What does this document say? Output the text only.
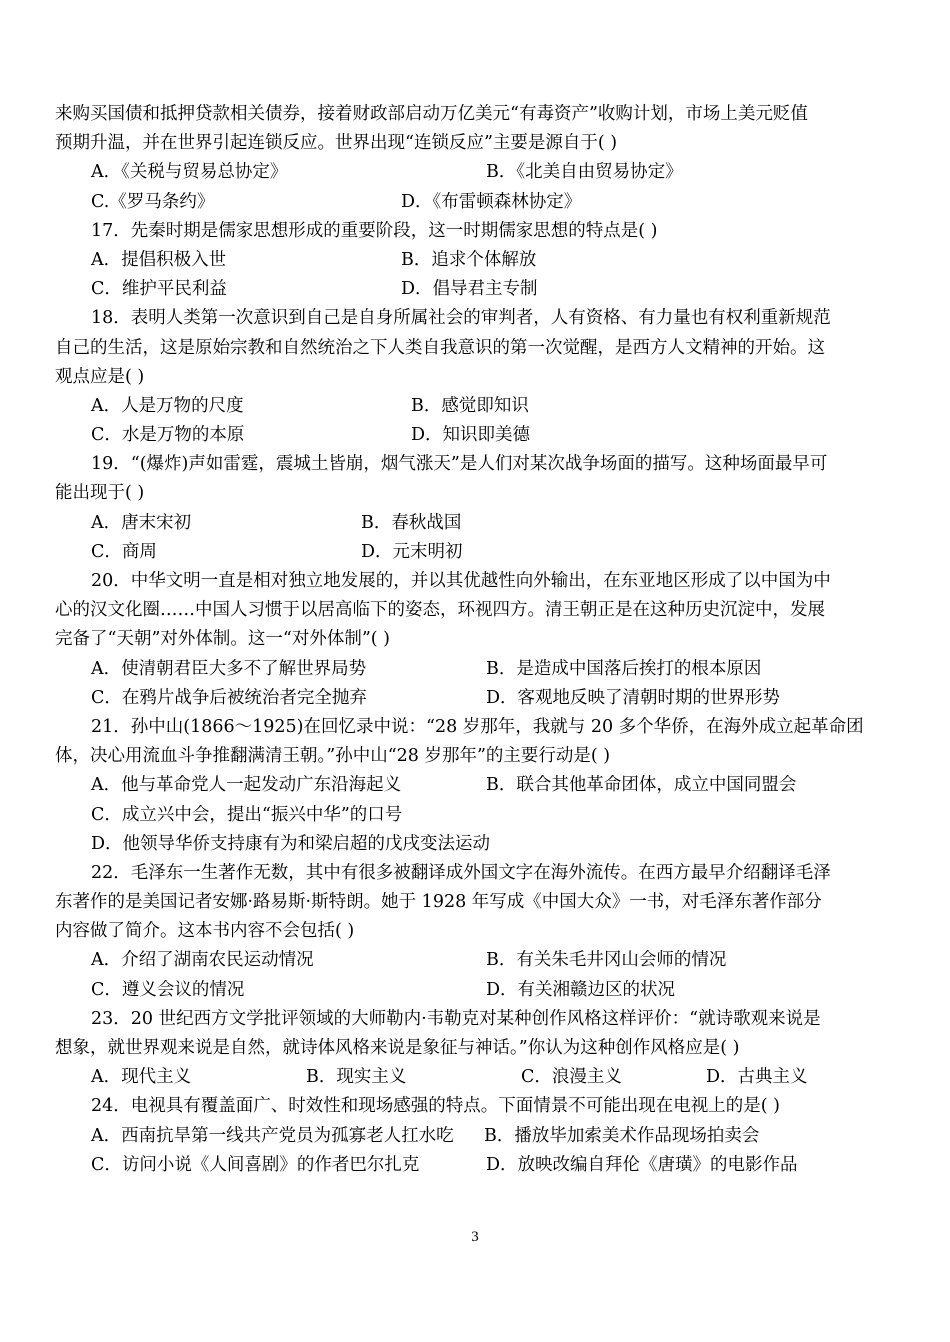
来购买国债和抵押贷款相关债券，接着财政部启动万亿美元“有毒资产”收购计划，市场上美元贬值
预期升温，并在世界引起连锁反应。世界出现“连锁反应”主要是源自于( )
A．《关税与贸易总协定》	B．《北美自由贸易协定》
C.《罗马条约》	D．《布雷顿森林协定》
17．先秦时期是儒家思想形成的重要阶段，这一时期儒家思想的特点是( )
A．提倡积极入世	B．追求个体解放
C．维护平民利益	D．倡导君主专制
18．表明人类第一次意识到自己是自身所属社会的审判者，人有资格、有力量也有权利重新规范
自己的生活，这是原始宗教和自然统治之下人类自我意识的第一次觉醒，是西方人文精神的开始。这
观点应是( )
A．人是万物的尺度	B．感觉即知识
C．水是万物的本原	D．知识即美德
19．“(爆炸)声如雷霆，震城土皆崩，烟气涨天”是人们对某次战争场面的描写。这种场面最早可
能出现于( )
A．唐末宋初	B．春秋战国
C．商周	D．元末明初
20．中华文明一直是相对独立地发展的，并以其优越性向外输出，在东亚地区形成了以中国为中
心的汉文化圈……中国人习惯于以居高临下的姿态，环视四方。清王朝正是在这种历史沉淀中，发展
完备了“天朝”对外体制。这一“对外体制”( )
A．使清朝君臣大多不了解世界局势	B．是造成中国落后挨打的根本原因
C．在鸦片战争后被统治者完全抛弃	D．客观地反映了清朝时期的世界形势
21．孙中山(1866～1925)在回忆录中说：“28 岁那年，我就与 20 多个华侨，在海外成立起革命团
体，决心用流血斗争推翻满清王朝。”孙中山“28 岁那年”的主要行动是( )
A．他与革命党人一起发动广东沿海起义	B．联合其他革命团体，成立中国同盟会
C．成立兴中会，提出“振兴中华”的口号
D．他领导华侨支持康有为和梁启超的戊戌变法运动
22．毛泽东一生著作无数，其中有很多被翻译成外国文字在海外流传。在西方最早介绍翻译毛泽
东著作的是美国记者安娜·路易斯·斯特朗。她于 1928 年写成《中国大众》一书，对毛泽东著作部分
内容做了简介。这本书内容不会包括( )
A．介绍了湖南农民运动情况	B．有关朱毛井冈山会师的情况
C．遵义会议的情况	D．有关湘赣边区的状况
23．20 世纪西方文学批评领域的大师勒内·韦勒克对某种创作风格这样评价：“就诗歌观来说是
想象，就世界观来说是自然，就诗体风格来说是象征与神话。”你认为这种创作风格应是( )
A．现代主义	B．现实主义	C．浪漫主义	D．古典主义
24．电视具有覆盖面广、时效性和现场感强的特点。下面情景不可能出现在电视上的是( )
A．西南抗旱第一线共产党员为孤寡老人扛水吃 B．播放毕加索美术作品现场拍卖会
C．访问小说《人间喜剧》的作者巴尔扎克	D．放映改编自拜伦《唐璜》的电影作品
3
